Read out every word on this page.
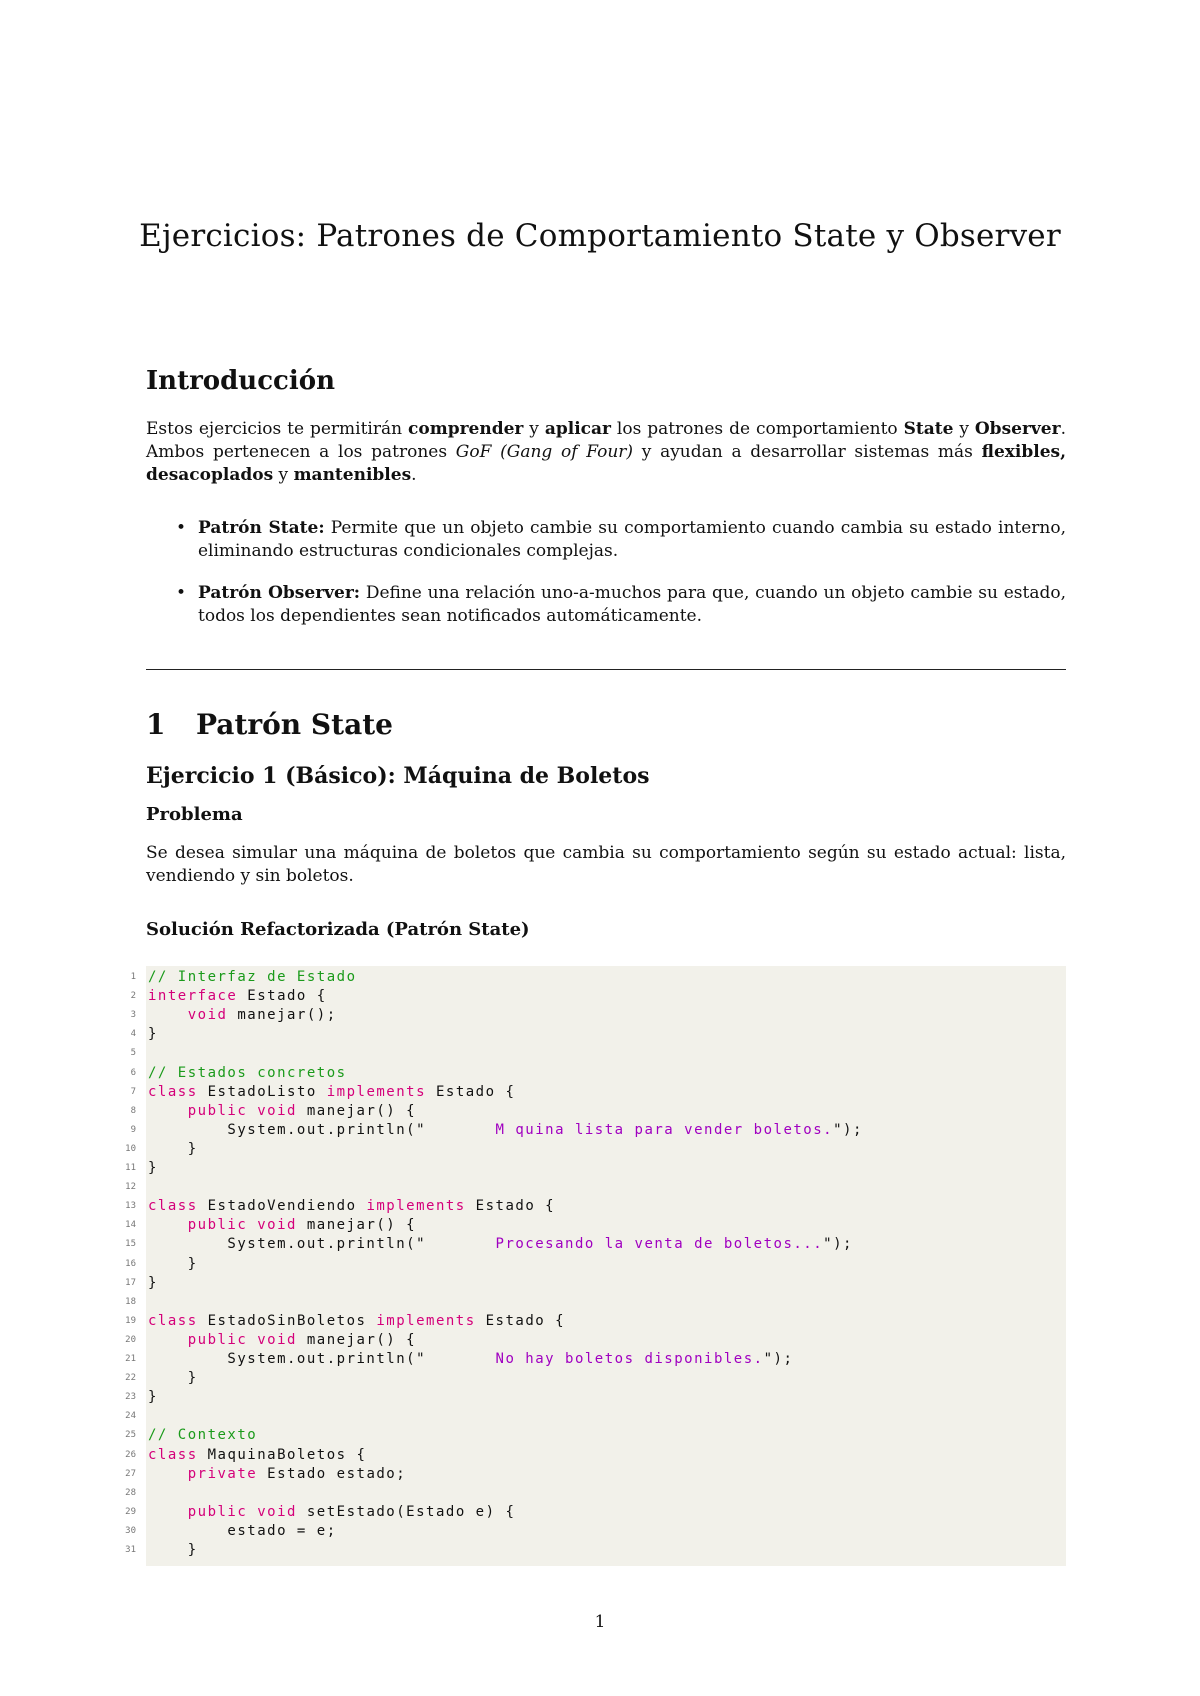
Ejercicios: Patrones de Comportamiento State y Observer
Introducción

Estos ejercicios te permitirán comprender y aplicar los patrones de comportamiento State y Observer. Ambos pertenecen a los patrones GoF (Gang of Four) y ayudan a desarrollar sistemas más flexibles, desacoplados y mantenibles.

• Patrón State: Permite que un objeto cambie su comportamiento cuando cambia su estado interno, eliminando estructuras condicionales complejas.
• Patrón Observer: Define una relación uno-a-muchos para que, cuando un objeto cambie su estado, todos los dependientes sean notificados automáticamente.
1 Patrón State
Ejercicio 1 (Básico): Máquina de Boletos
Problema

Se desea simular una máquina de boletos que cambia su comportamiento según su estado actual: lista, vendiendo y sin boletos.

Solución Refactorizada (Patrón State)
1 // Interfaz de Estado
2 interface Estado {
3	void manejar();
4 }
5
6 // Estados concretos
7 class EstadoListo implements Estado {
8	public void manejar() {
9 System.out.println("       M quina lista para vender boletos.");
10 }
11 }
12
13 class EstadoVendiendo implements Estado {
14	public void manejar() {
15 System.out.println("       Procesando la venta de boletos...");
16 }
17 }
18
19 class EstadoSinBoletos implements Estado {
20	public void manejar() {
21 System.out.println("       No hay boletos disponibles.");
22 }
23 }
24
25 // Contexto
26 class MaquinaBoletos {
27	private Estado estado;
28
29	public void setEstado(Estado e) {
30 estado = e;
31 }
1
